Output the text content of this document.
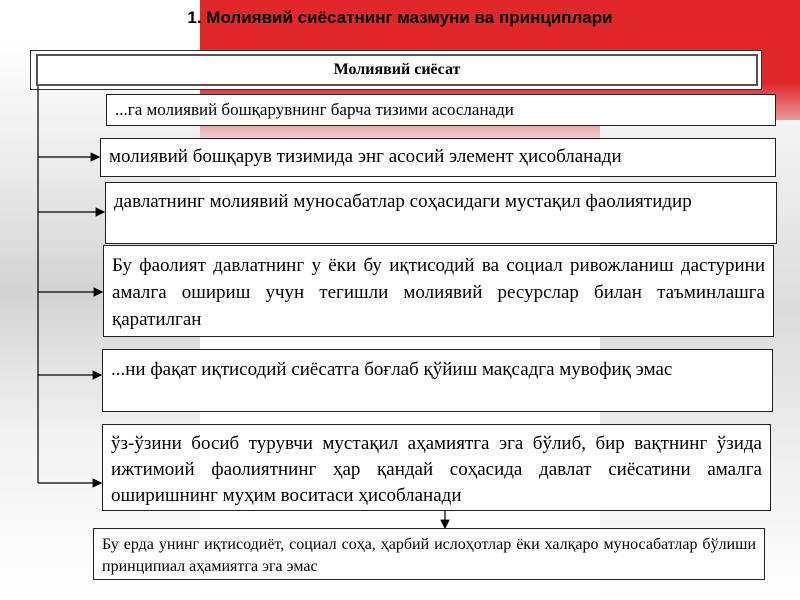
1. Молиявий сиёсатнинг мазмуни ва принциплари
Молиявий сиёсат

...га молиявий бошқарувнинг барча тизими асосланади

молиявий бошқарув тизимида энг асосий элемент ҳисобланади

давлатнинг молиявий муносабатлар соҳасидаги мустақил фаолиятидир

Бу фаолият давлатнинг у ёки бу иқтисодий ва социал ривожланиш дастурини амалга ошириш учун тегишли молиявий ресурслар билан таъминлашга қаратилган

...ни фақат иқтисодий сиёсатга боғлаб қўйиш мақсадга мувофиқ эмас

ўз-ўзини босиб турувчи мустақил аҳамиятга эга бўлиб, бир вақтнинг ўзида ижтимоий фаолиятнинг ҳар қандай соҳасида давлат сиёсатини амалга оширишнинг муҳим воситаси ҳисобланади

Бу ерда унинг иқтисодиёт, социал соҳа, ҳарбий ислоҳотлар ёки халқаро муносабатлар бўлиши принципиал аҳамиятга эга эмас
